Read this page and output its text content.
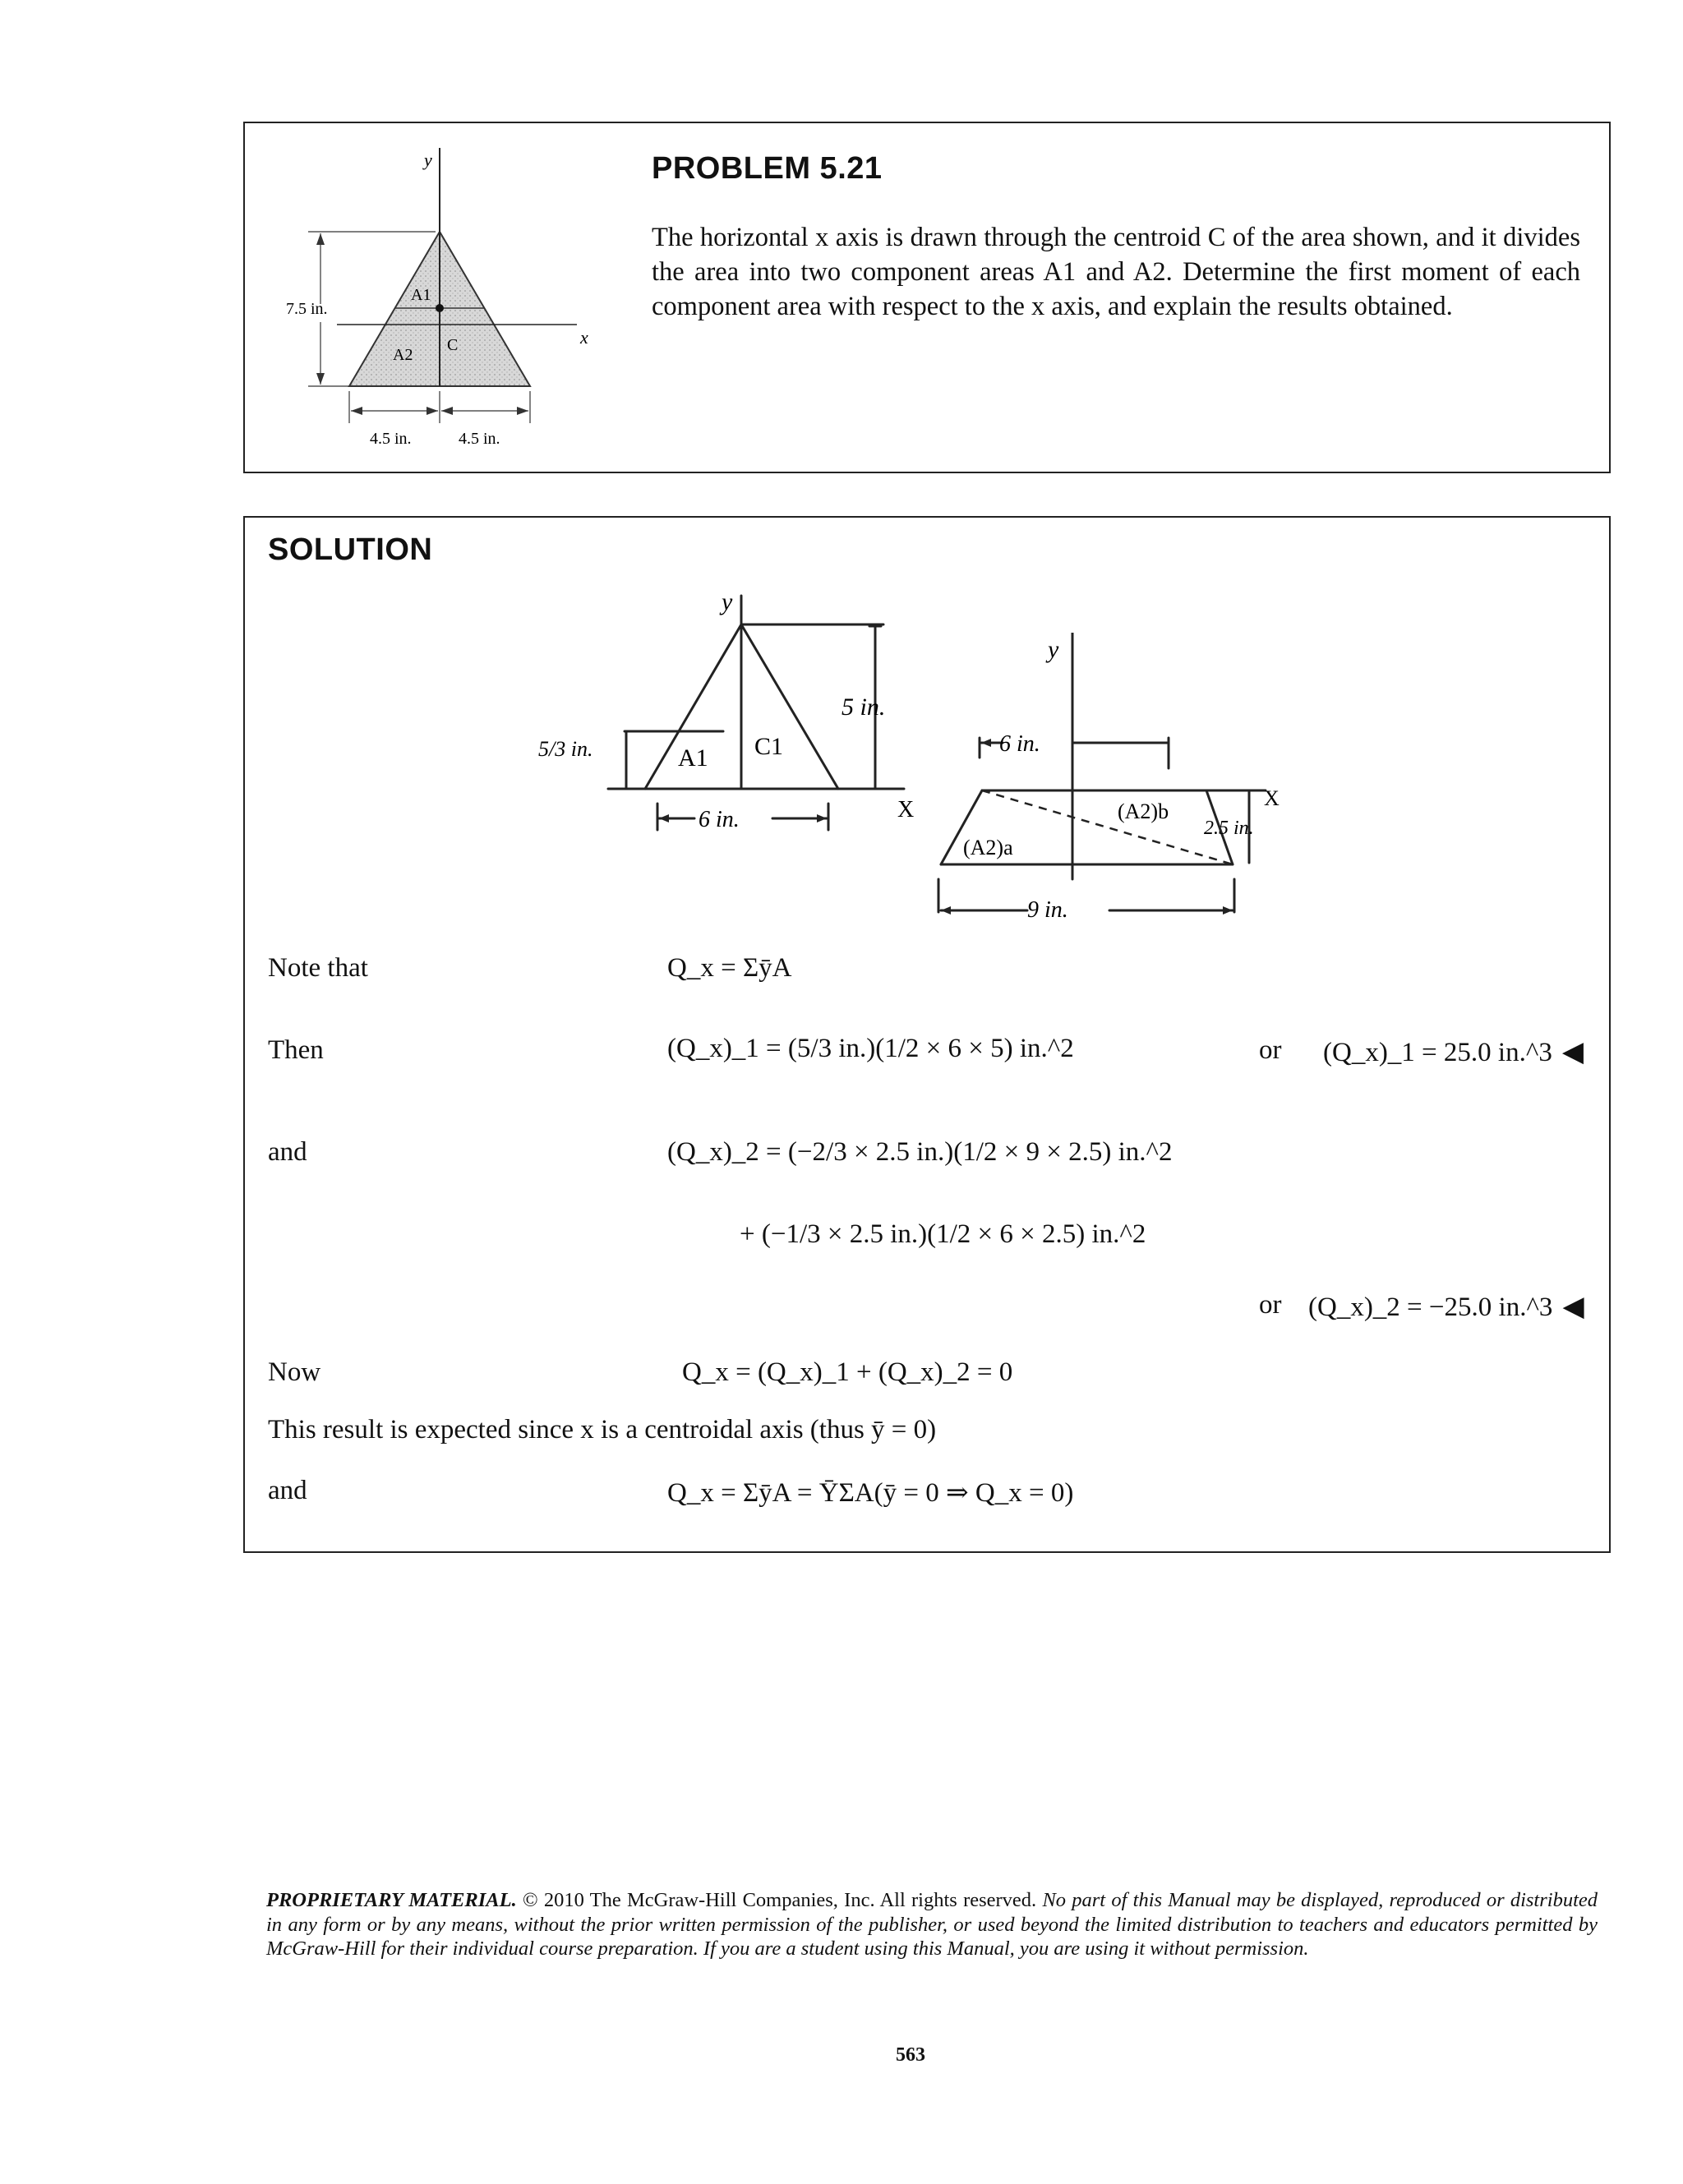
y
x
7.5 in.
A1
A2
C
4.5 in.	4.5 in.
PROBLEM 5.21
The horizontal x axis is drawn through the centroid C of the area shown, and it divides the area into two component areas A1 and A2. Determine the first moment of each component area with respect to the x axis, and explain the results obtained.
SOLUTION
y
X
5 in.
5/3 in.	A1 C1
6 in.
y
X
6 in.
(A2)a
(A2)b
2.5 in.
9 in.
Note that
Then
and
Now
This result is expected since x is a centroidal axis (thus ȳ = 0)
and
Q_x = ΣȳA
(Q_x)_1 = (5/3 in.)(1/2 × 6 × 5) in.^2
(Q_x)_2 = (−2/3 × 2.5 in.)(1/2 × 9 × 2.5) in.^2
+ (−1/3 × 2.5 in.)(1/2 × 6 × 2.5) in.^2
Q_x = (Q_x)_1 + (Q_x)_2 = 0
Q_x = ΣȳA = ȲΣA(ȳ = 0 ⇒ Q_x = 0)
or (Q_x)_1 = 25.0 in.^3 ◀
or (Q_x)_2 = −25.0 in.^3 ◀
PROPRIETARY MATERIAL. © 2010 The McGraw-Hill Companies, Inc. All rights reserved. No part of this Manual may be displayed, reproduced or distributed in any form or by any means, without the prior written permission of the publisher, or used beyond the limited distribution to teachers and educators permitted by McGraw-Hill for their individual course preparation. If you are a student using this Manual, you are using it without permission.
563
